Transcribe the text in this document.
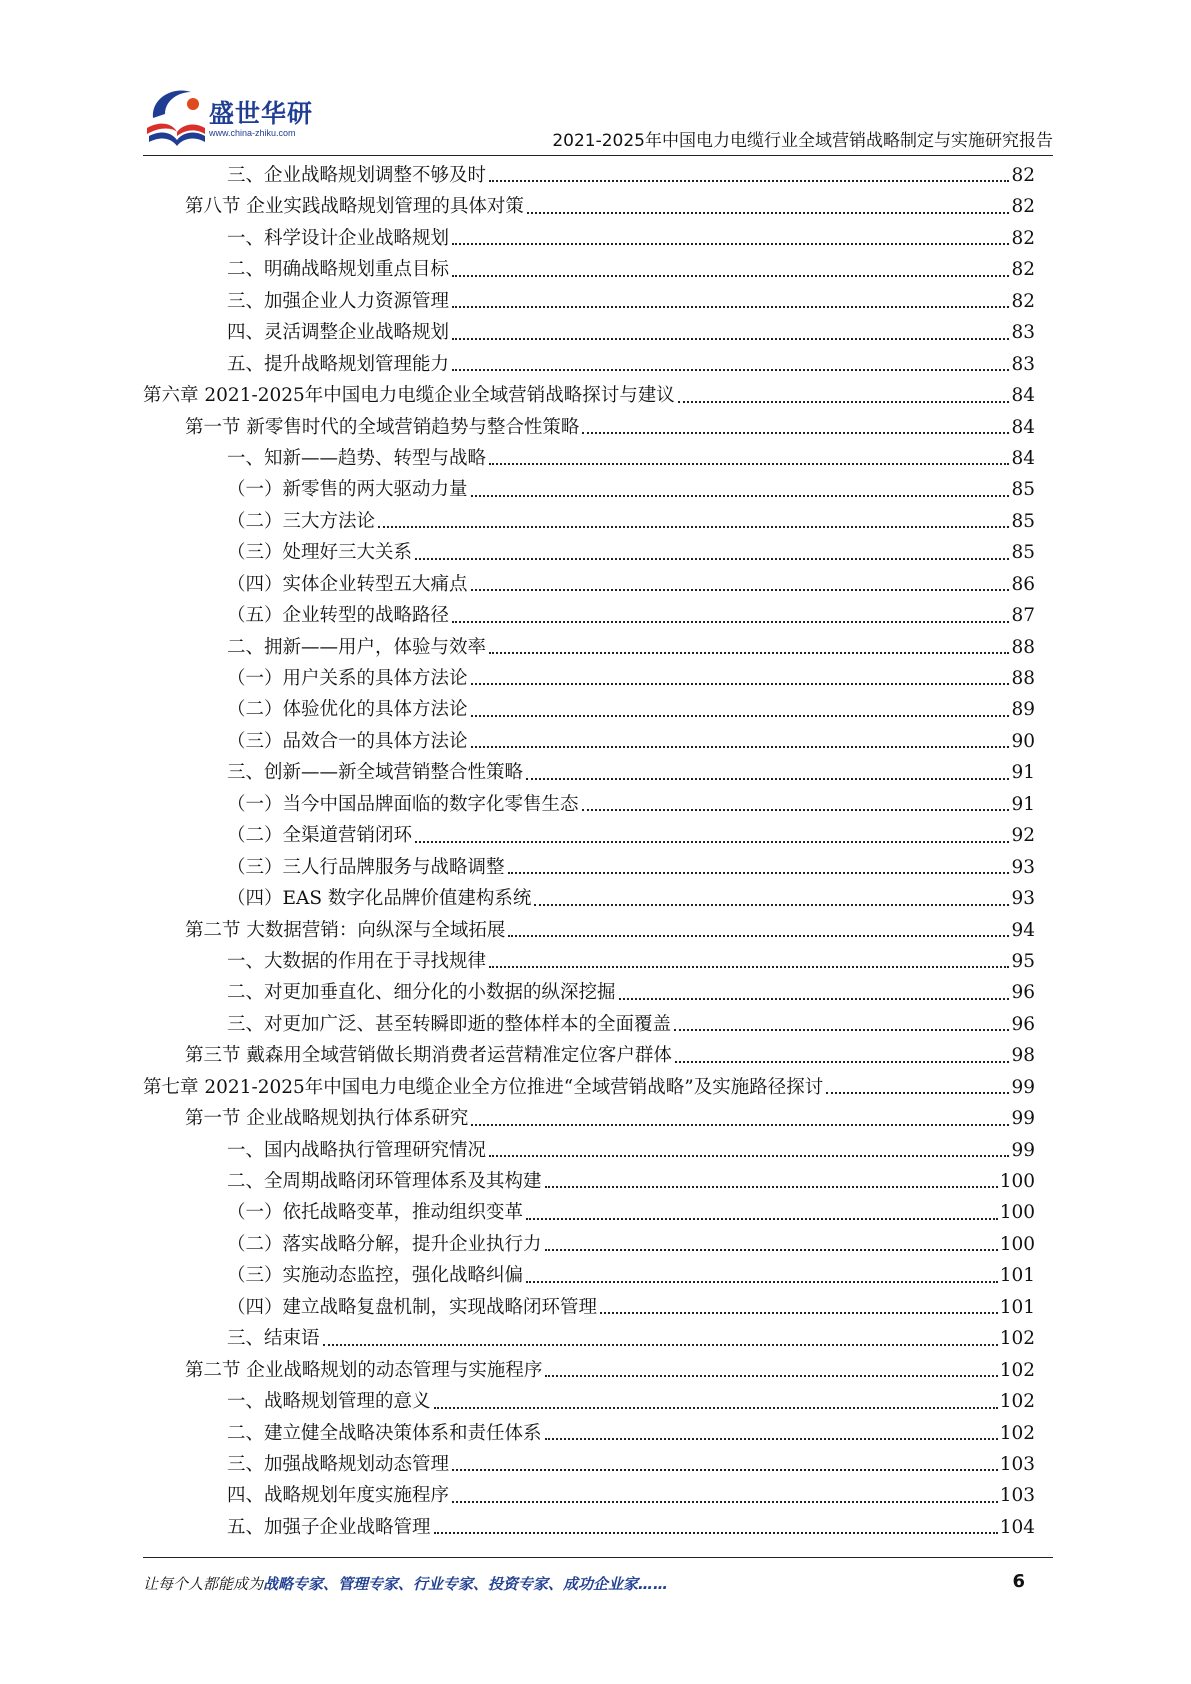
盛世华研
www.china-zhiku.com	2021-2025年中国电力电缆行业全域营销战略制定与实施研究报告
三、企业战略规划调整不够及时	82
第八节 企业实践战略规划管理的具体对策	82
一、科学设计企业战略规划	82
二、明确战略规划重点目标	82
三、加强企业人力资源管理	82
四、灵活调整企业战略规划	83
五、提升战略规划管理能力	83
第六章 2021-2025年中国电力电缆企业全域营销战略探讨与建议	84
第一节 新零售时代的全域营销趋势与整合性策略	84
一、知新——趋势、转型与战略	84
（一）新零售的两大驱动力量	85
（二）三大方法论	85
（三）处理好三大关系	85
（四）实体企业转型五大痛点	86
（五）企业转型的战略路径	87
二、拥新——用户，体验与效率	88
（一）用户关系的具体方法论	88
（二）体验优化的具体方法论	89
（三）品效合一的具体方法论	90
三、创新——新全域营销整合性策略	91
（一）当今中国品牌面临的数字化零售生态	91
（二）全渠道营销闭环	92
（三）三人行品牌服务与战略调整	93
（四）EAS 数字化品牌价值建构系统	93
第二节 大数据营销：向纵深与全域拓展	94
一、大数据的作用在于寻找规律	95
二、对更加垂直化、细分化的小数据的纵深挖掘	96
三、对更加广泛、甚至转瞬即逝的整体样本的全面覆盖	96
第三节 戴森用全域营销做长期消费者运营精准定位客户群体	98
第七章 2021-2025年中国电力电缆企业全方位推进“全域营销战略”及实施路径探讨	99
第一节 企业战略规划执行体系研究	99
一、国内战略执行管理研究情况	99
二、全周期战略闭环管理体系及其构建	100
（一）依托战略变革，推动组织变革	100
（二）落实战略分解，提升企业执行力	100
（三）实施动态监控，强化战略纠偏	101
（四）建立战略复盘机制，实现战略闭环管理	101
三、结束语	102
第二节 企业战略规划的动态管理与实施程序	102
一、战略规划管理的意义	102
二、建立健全战略决策体系和责任体系	102
三、加强战略规划动态管理	103
四、战略规划年度实施程序	103
五、加强子企业战略管理	104
让每个人都能成为战略专家、管理专家、行业专家、投资专家、成功企业家……	6
